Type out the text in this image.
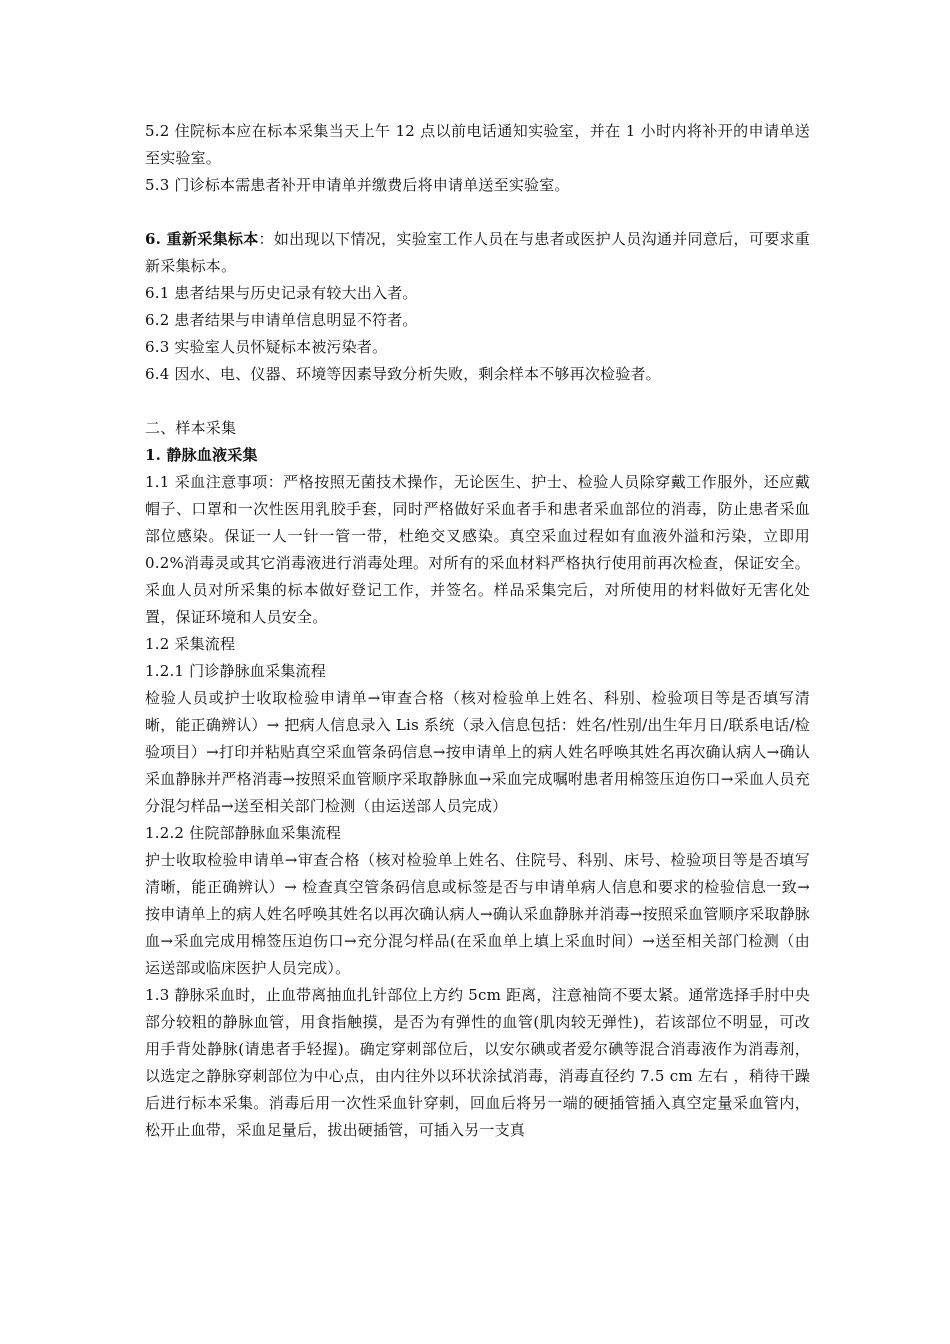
5.2 住院标本应在标本采集当天上午 12 点以前电话通知实验室，并在 1 小时内将补开的申请单送至实验室。

5.3 门诊标本需患者补开申请单并缴费后将申请单送至实验室。

6. 重新采集标本：如出现以下情况，实验室工作人员在与患者或医护人员沟通并同意后，可要求重新采集标本。

6.1 患者结果与历史记录有较大出入者。

6.2 患者结果与申请单信息明显不符者。

6.3 实验室人员怀疑标本被污染者。

6.4 因水、电、仪器、环境等因素导致分析失败，剩余样本不够再次检验者。

二、样本采集

1. 静脉血液采集

1.1 采血注意事项：严格按照无菌技术操作，无论医生、护士、检验人员除穿戴工作服外，还应戴帽子、口罩和一次性医用乳胶手套，同时严格做好采血者手和患者采血部位的消毒，防止患者采血部位感染。保证一人一针一管一带，杜绝交叉感染。真空采血过程如有血液外溢和污染，立即用 0.2%消毒灵或其它消毒液进行消毒处理。对所有的采血材料严格执行使用前再次检查，保证安全。采血人员对所采集的标本做好登记工作，并签名。样品采集完后，对所使用的材料做好无害化处置，保证环境和人员安全。

1.2 采集流程

1.2.1 门诊静脉血采集流程

检验人员或护士收取检验申请单→审查合格（核对检验单上姓名、科别、检验项目等是否填写清晰，能正确辨认）→ 把病人信息录入 Lis 系统（录入信息包括：姓名/性别/出生年月日/联系电话/检验项目）→打印并粘贴真空采血管条码信息→按申请单上的病人姓名呼唤其姓名再次确认病人→确认采血静脉并严格消毒→按照采血管顺序采取静脉血→采血完成嘱咐患者用棉签压迫伤口→采血人员充分混匀样品→送至相关部门检测（由运送部人员完成）

1.2.2 住院部静脉血采集流程

护士收取检验申请单→审查合格（核对检验单上姓名、住院号、科别、床号、检验项目等是否填写清晰，能正确辨认）→ 检查真空管条码信息或标签是否与申请单病人信息和要求的检验信息一致→按申请单上的病人姓名呼唤其姓名以再次确认病人→确认采血静脉并消毒→按照采血管顺序采取静脉血→采血完成用棉签压迫伤口→充分混匀样品(在采血单上填上采血时间）→送至相关部门检测（由运送部或临床医护人员完成）。

1.3 静脉采血时，止血带离抽血扎针部位上方约 5cm 距离，注意袖筒不要太紧。通常选择手肘中央部分较粗的静脉血管，用食指触摸，是否为有弹性的血管(肌肉较无弹性)，若该部位不明显，可改用手背处静脉(请患者手轻握)。确定穿刺部位后，以安尔碘或者爱尔碘等混合消毒液作为消毒剂，以选定之静脉穿刺部位为中心点，由内往外以环状涂拭消毒，消毒直径约 7.5 cm 左右 ，稍待干躁后进行标本采集。消毒后用一次性采血针穿刺，回血后将另一端的硬插管插入真空定量采血管内，松开止血带，采血足量后，拔出硬插管，可插入另一支真
